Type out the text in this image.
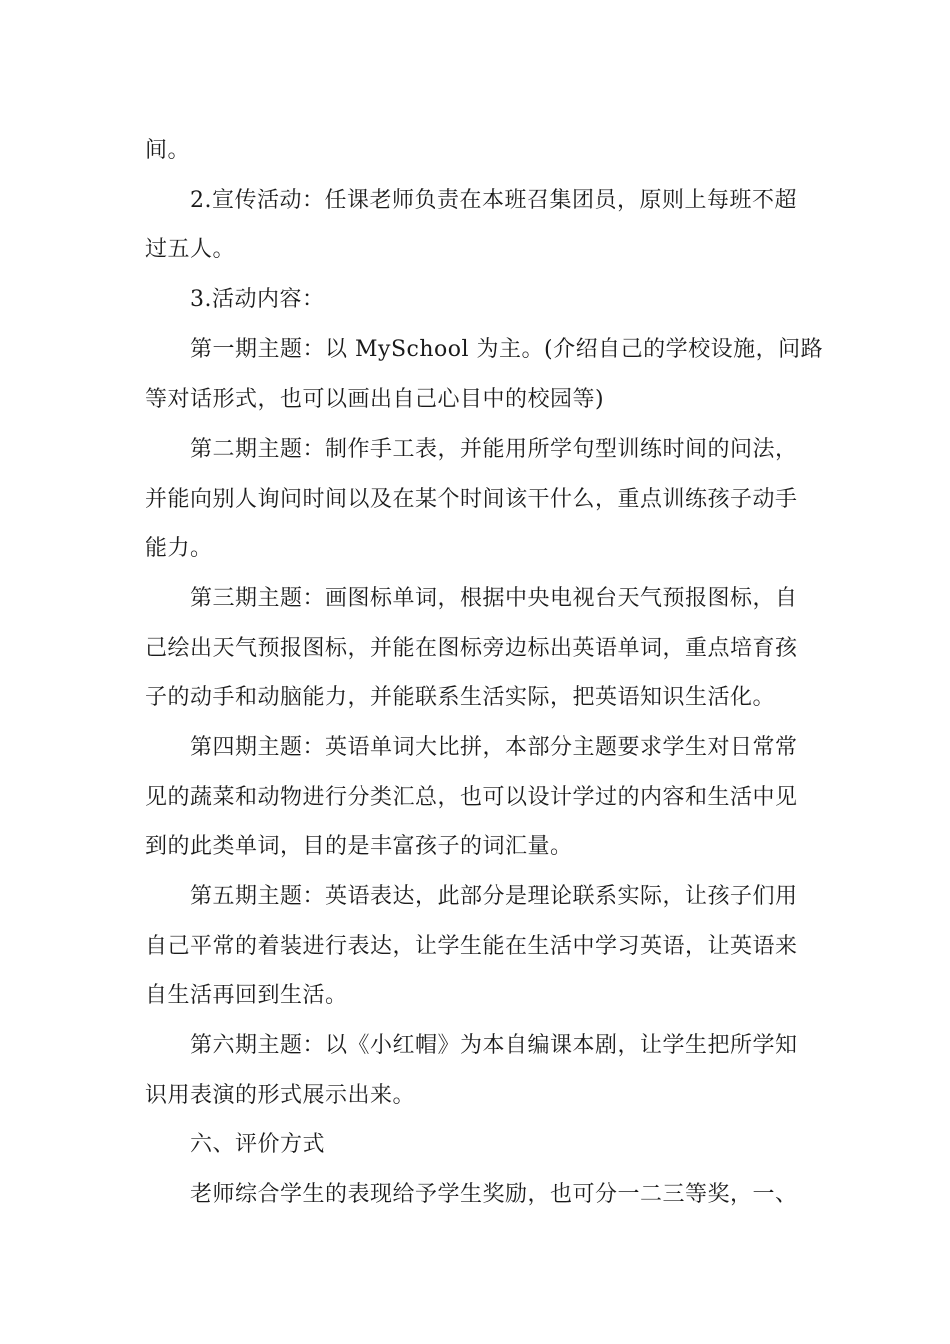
间。
2.宣传活动：任课老师负责在本班召集团员，原则上每班不超
过五人。
3.活动内容：
第一期主题：以 MySchool 为主。(介绍自己的学校设施，问路
等对话形式，也可以画出自己心目中的校园等)
第二期主题：制作手工表，并能用所学句型训练时间的问法，
并能向别人询问时间以及在某个时间该干什么，重点训练孩子动手
能力。
第三期主题：画图标单词，根据中央电视台天气预报图标，自
己绘出天气预报图标，并能在图标旁边标出英语单词，重点培育孩
子的动手和动脑能力，并能联系生活实际，把英语知识生活化。
第四期主题：英语单词大比拼，本部分主题要求学生对日常常
见的蔬菜和动物进行分类汇总，也可以设计学过的内容和生活中见
到的此类单词，目的是丰富孩子的词汇量。
第五期主题：英语表达，此部分是理论联系实际，让孩子们用
自己平常的着装进行表达，让学生能在生活中学习英语，让英语来
自生活再回到生活。
第六期主题：以《小红帽》为本自编课本剧，让学生把所学知
识用表演的形式展示出来。
六、评价方式
老师综合学生的表现给予学生奖励，也可分一二三等奖，一、
